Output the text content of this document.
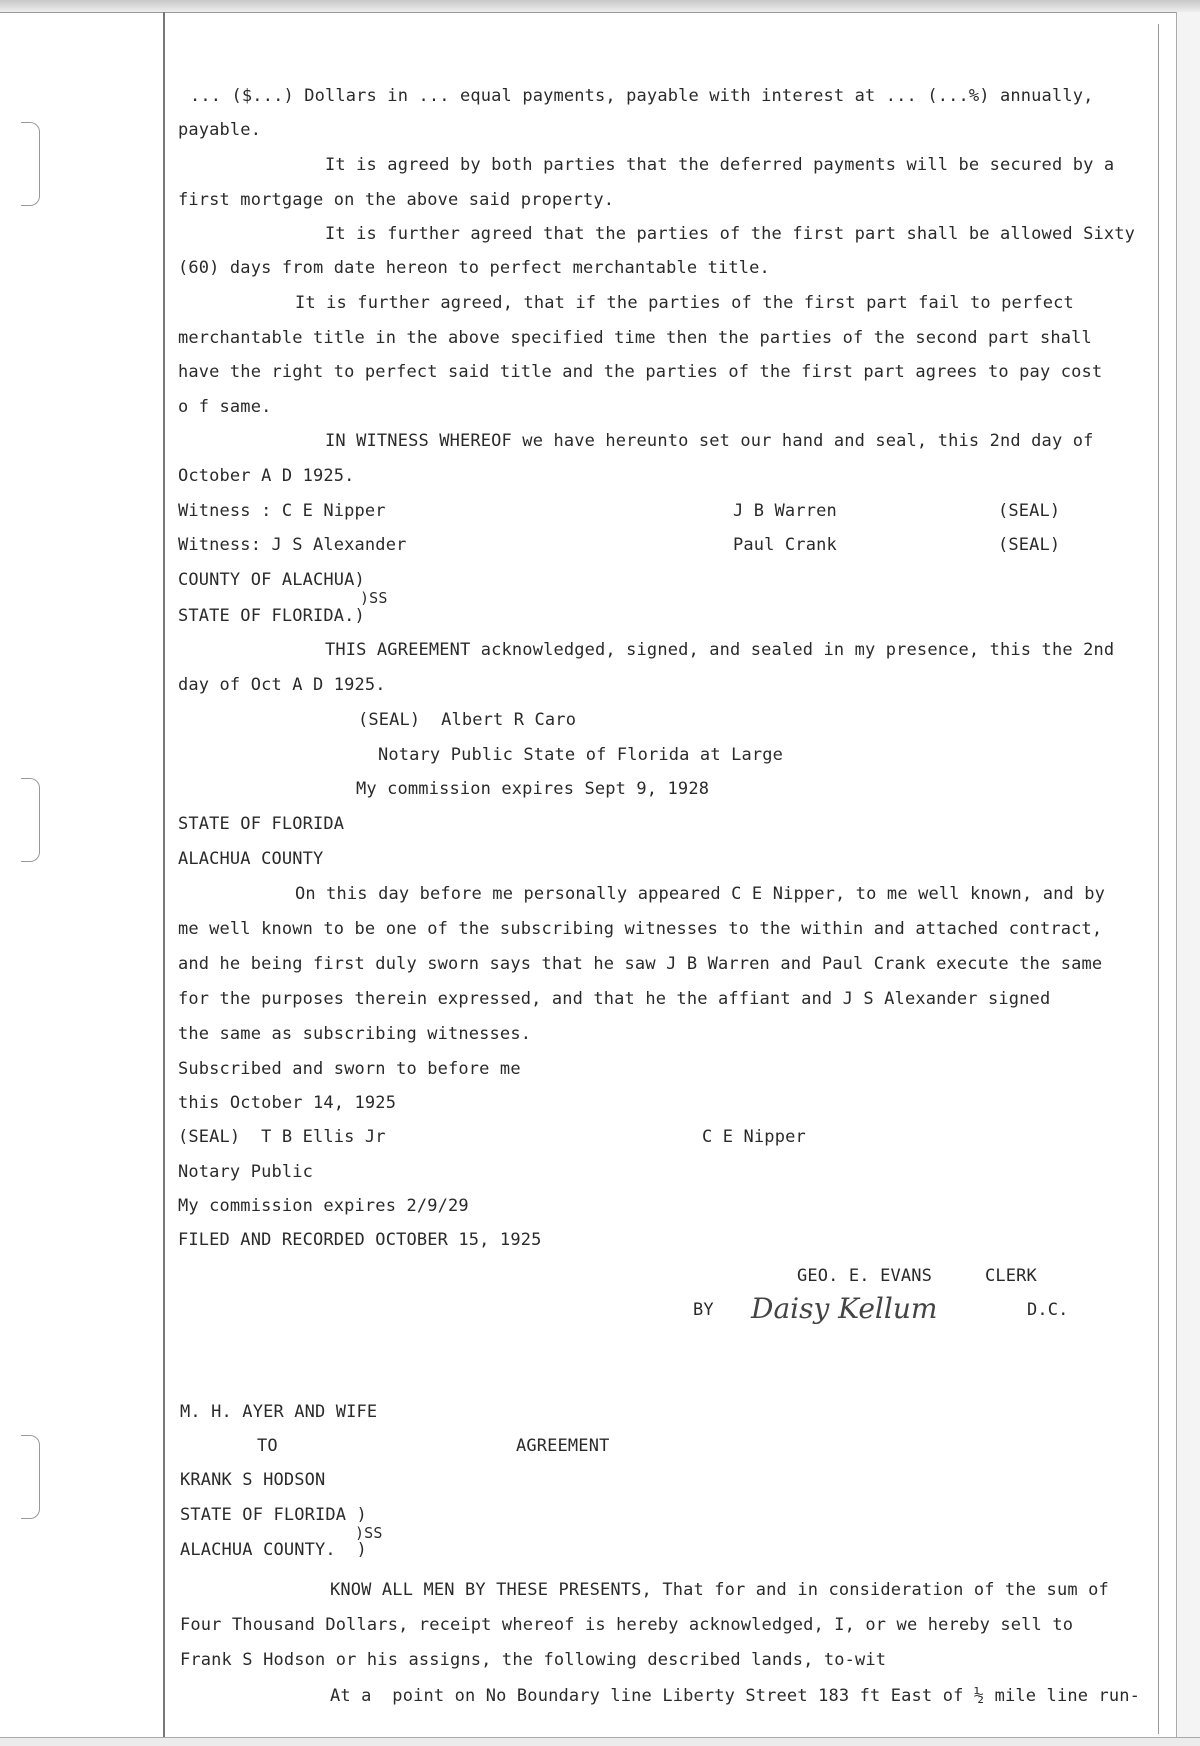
... ($...) Dollars in ... equal payments, payable with interest at ... (...%) annually,
payable.
It is agreed by both parties that the deferred payments will be secured by a
first mortgage on the above said property.
It is further agreed that the parties of the first part shall be allowed Sixty
(60) days from date hereon to perfect merchantable title.
It is further agreed, that if the parties of the first part fail to perfect
merchantable title in the above specified time then the parties of the second part shall
have the right to perfect said title and the parties of the first part agrees to pay cost
o f same.
IN WITNESS WHEREOF we have hereunto set our hand and seal, this 2nd day of
October A D 1925.
Witness : C E Nipper	J B Warren	(SEAL)
Witness: J S Alexander	Paul Crank	(SEAL)
COUNTY OF ALACHUA)
)SS
STATE OF FLORIDA.)
THIS AGREEMENT acknowledged, signed, and sealed in my presence, this the 2nd
day of Oct A D 1925.
(SEAL)  Albert R Caro
Notary Public State of Florida at Large
My commission expires Sept 9, 1928
STATE OF FLORIDA
ALACHUA COUNTY
On this day before me personally appeared C E Nipper, to me well known, and by
me well known to be one of the subscribing witnesses to the within and attached contract,
and he being first duly sworn says that he saw J B Warren and Paul Crank execute the same
for the purposes therein expressed, and that he the affiant and J S Alexander signed
the same as subscribing witnesses.
Subscribed and sworn to before me
this October 14, 1925
(SEAL)  T B Ellis Jr	C E Nipper
Notary Public
My commission expires 2/9/29
FILED AND RECORDED OCTOBER 15, 1925
GEO. E. EVANS	CLERK
BY Daisy Kellum	D.C.
M. H. AYER AND WIFE
TO	AGREEMENT
KRANK S HODSON
STATE OF FLORIDA )
)SS
ALACHUA COUNTY.  )
KNOW ALL MEN BY THESE PRESENTS, That for and in consideration of the sum of
Four Thousand Dollars, receipt whereof is hereby acknowledged, I, or we hereby sell to
Frank S Hodson or his assigns, the following described lands, to-wit
At a  point on No Boundary line Liberty Street 183 ft East of ½ mile line run-
